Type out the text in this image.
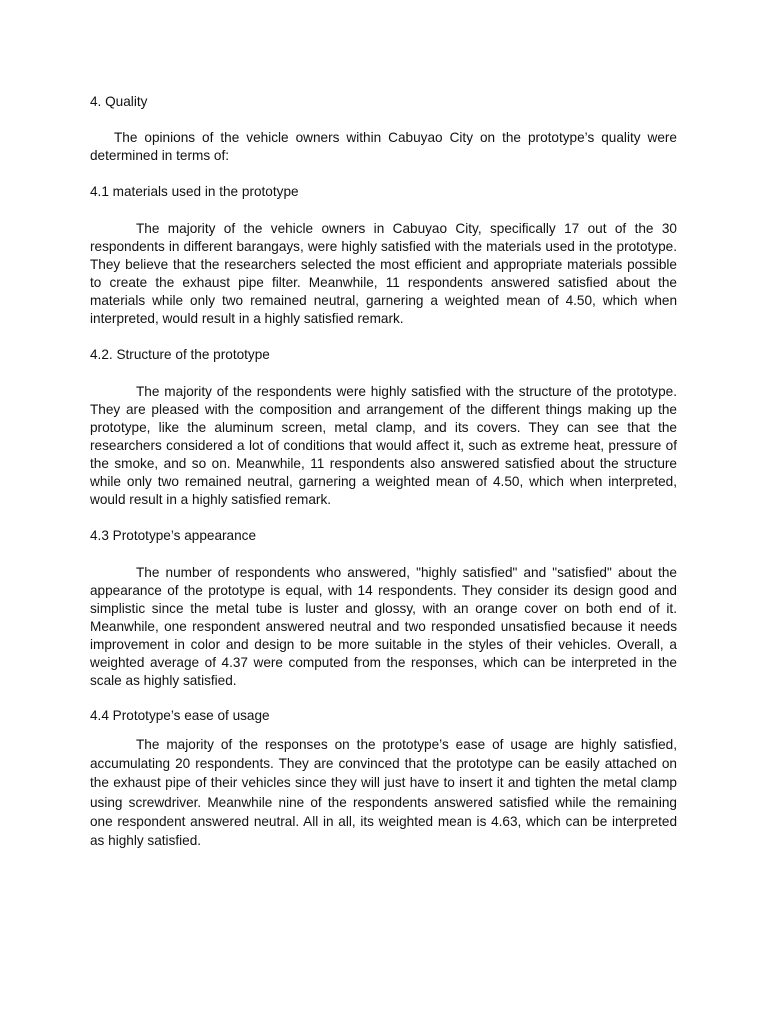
4. Quality

The opinions of the vehicle owners within Cabuyao City on the prototype’s quality were determined in terms of:

4.1 materials used in the prototype

The majority of the vehicle owners in Cabuyao City, specifically 17 out of the 30 respondents in different barangays, were highly satisfied with the materials used in the prototype. They believe that the researchers selected the most efficient and appropriate materials possible to create the exhaust pipe filter. Meanwhile, 11 respondents answered satisfied about the materials while only two remained neutral, garnering a weighted mean of 4.50, which when interpreted, would result in a highly satisfied remark.

4.2. Structure of the prototype

The majority of the respondents were highly satisfied with the structure of the prototype. They are pleased with the composition and arrangement of the different things making up the prototype, like the aluminum screen, metal clamp, and its covers. They can see that the researchers considered a lot of conditions that would affect it, such as extreme heat, pressure of the smoke, and so on. Meanwhile, 11 respondents also answered satisfied about the structure while only two remained neutral, garnering a weighted mean of 4.50, which when interpreted, would result in a highly satisfied remark.

4.3 Prototype’s appearance

The number of respondents who answered, "highly satisfied" and "satisfied" about the appearance of the prototype is equal, with 14 respondents. They consider its design good and simplistic since the metal tube is luster and glossy, with an orange cover on both end of it. Meanwhile, one respondent answered neutral and two responded unsatisfied because it needs improvement in color and design to be more suitable in the styles of their vehicles. Overall, a weighted average of 4.37 were computed from the responses, which can be interpreted in the scale as highly satisfied.

4.4 Prototype’s ease of usage

The majority of the responses on the prototype’s ease of usage are highly satisfied, accumulating 20 respondents. They are convinced that the prototype can be easily attached on the exhaust pipe of their vehicles since they will just have to insert it and tighten the metal clamp using screwdriver. Meanwhile nine of the respondents answered satisfied while the remaining one respondent answered neutral. All in all, its weighted mean is 4.63, which can be interpreted as highly satisfied.
